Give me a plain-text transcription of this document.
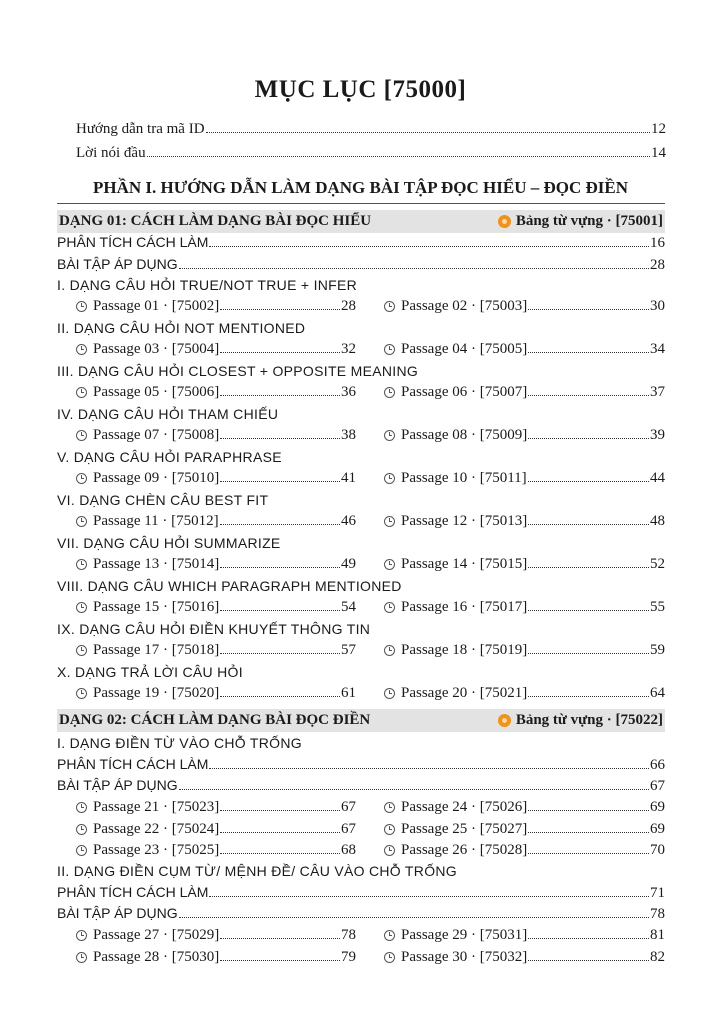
MỤC LỤC [75000]
Hướng dẫn tra mã ID	12
Lời nói đầu	14
PHẦN I. HƯỚNG DẪN LÀM DẠNG BÀI TẬP ĐỌC HIỂU – ĐỌC ĐIỀN
DẠNG 01: CÁCH LÀM DẠNG BÀI ĐỌC HIỂU	Bảng từ vựng · [75001]
PHÂN TÍCH CÁCH LÀM	16
BÀI TẬP ÁP DỤNG	28
I. DẠNG CÂU HỎI TRUE/NOT TRUE + INFER
Passage 01 · [75002]	28	Passage 02 · [75003]	30
II. DẠNG CÂU HỎI NOT MENTIONED
Passage 03 · [75004]	32	Passage 04 · [75005]	34
III. DẠNG CÂU HỎI CLOSEST + OPPOSITE MEANING
Passage 05 · [75006]	36	Passage 06 · [75007]	37
IV. DẠNG CÂU HỎI THAM CHIẾU
Passage 07 · [75008]	38	Passage 08 · [75009]	39
V. DẠNG CÂU HỎI PARAPHRASE
Passage 09 · [75010]	41	Passage 10 · [75011]	44
VI. DẠNG CHÈN CÂU BEST FIT
Passage 11 · [75012]	46	Passage 12 · [75013]	48
VII. DẠNG CÂU HỎI SUMMARIZE
Passage 13 · [75014]	49	Passage 14 · [75015]	52
VIII. DẠNG CÂU WHICH PARAGRAPH MENTIONED
Passage 15 · [75016]	54	Passage 16 · [75017]	55
IX. DẠNG CÂU HỎI ĐIỀN KHUYẾT THÔNG TIN
Passage 17 · [75018]	57	Passage 18 · [75019]	59
X. DẠNG TRẢ LỜI CÂU HỎI
Passage 19 · [75020]	61	Passage 20 · [75021]	64
DẠNG 02: CÁCH LÀM DẠNG BÀI ĐỌC ĐIỀN	Bảng từ vựng · [75022]
I. DẠNG ĐIỀN TỪ VÀO CHỖ TRỐNG
PHÂN TÍCH CÁCH LÀM	66
BÀI TẬP ÁP DỤNG	67
Passage 21 · [75023]	67	Passage 24 · [75026]	69
Passage 22 · [75024]	67	Passage 25 · [75027]	69
Passage 23 · [75025]	68	Passage 26 · [75028]	70
II. DẠNG ĐIỀN CỤM TỪ/ MỆNH ĐỀ/ CÂU VÀO CHỖ TRỐNG
PHÂN TÍCH CÁCH LÀM	71
BÀI TẬP ÁP DỤNG	78
Passage 27 · [75029]	78	Passage 29 · [75031]	81
Passage 28 · [75030]	79	Passage 30 · [75032]	82
